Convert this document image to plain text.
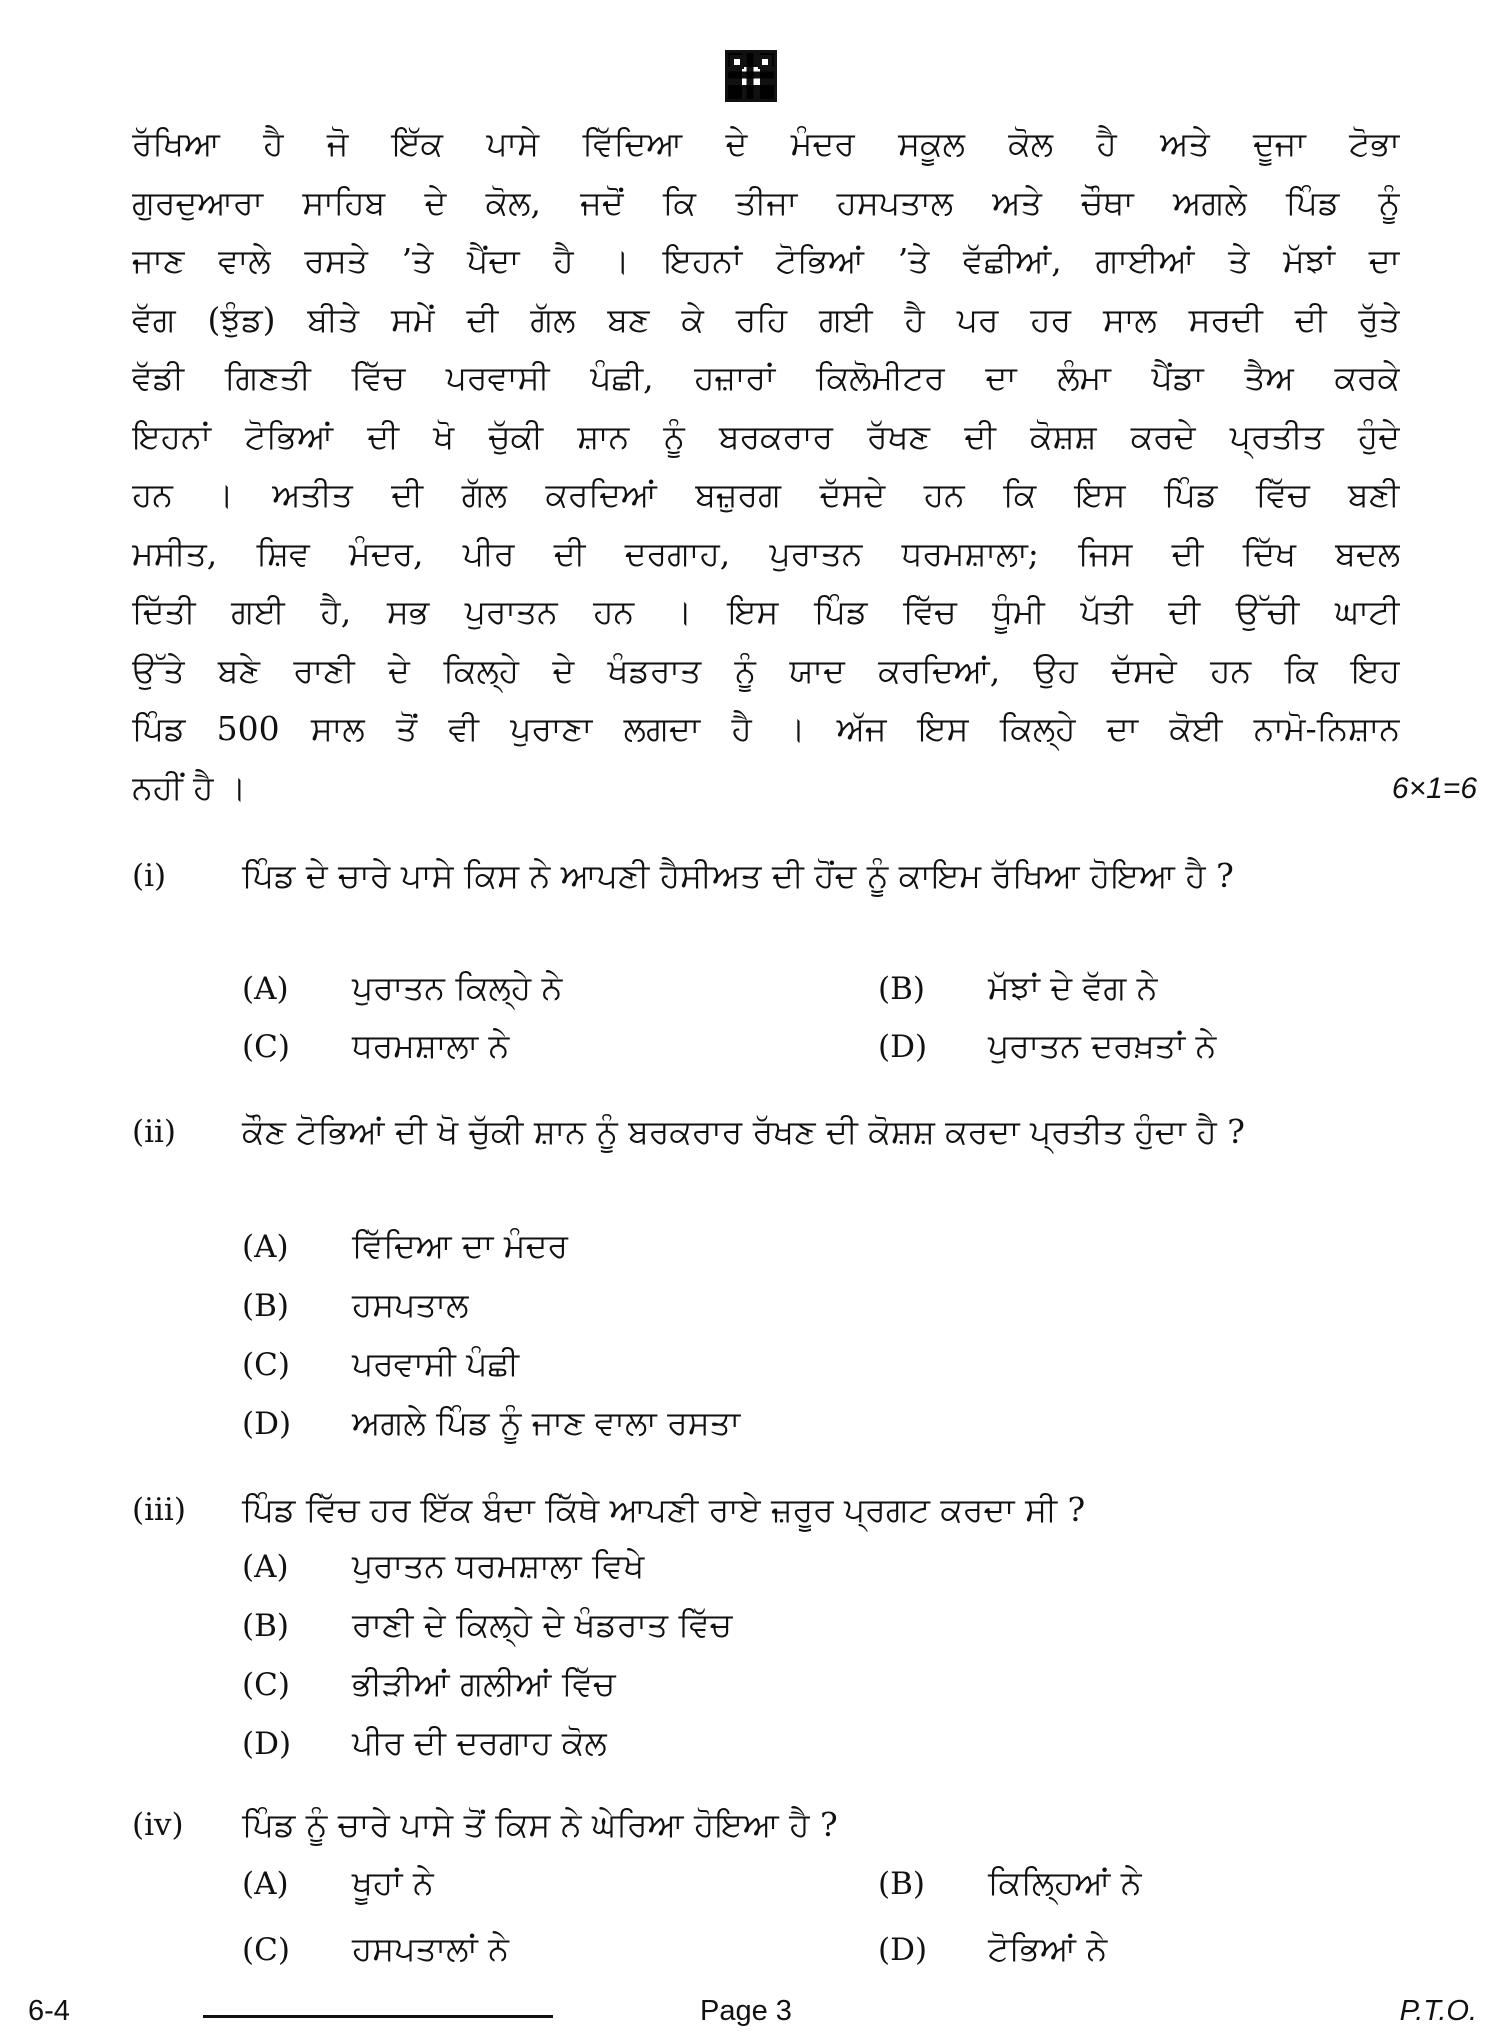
ਰੱਖਿਆ ਹੈ ਜੋ ਇੱਕ ਪਾਸੇ ਵਿੱਦਿਆ ਦੇ ਮੰਦਰ ਸਕੂਲ ਕੋਲ ਹੈ ਅਤੇ ਦੂਜਾ ਟੋਭਾ
ਗੁਰਦੁਆਰਾ ਸਾਹਿਬ ਦੇ ਕੋਲ, ਜਦੋਂ ਕਿ ਤੀਜਾ ਹਸਪਤਾਲ ਅਤੇ ਚੌਥਾ ਅਗਲੇ ਪਿੰਡ ਨੂੰ
ਜਾਣ ਵਾਲੇ ਰਸਤੇ ’ਤੇ ਪੈਂਦਾ ਹੈ । ਇਹਨਾਂ ਟੋਭਿਆਂ ’ਤੇ ਵੱਛੀਆਂ, ਗਾਈਆਂ ਤੇ ਮੱਝਾਂ ਦਾ
ਵੱਗ (ਝੁੰਡ) ਬੀਤੇ ਸਮੇਂ ਦੀ ਗੱਲ ਬਣ ਕੇ ਰਹਿ ਗਈ ਹੈ ਪਰ ਹਰ ਸਾਲ ਸਰਦੀ ਦੀ ਰੁੱਤੇ
ਵੱਡੀ ਗਿਣਤੀ ਵਿੱਚ ਪਰਵਾਸੀ ਪੰਛੀ, ਹਜ਼ਾਰਾਂ ਕਿਲੋਮੀਟਰ ਦਾ ਲੰਮਾ ਪੈਂਡਾ ਤੈਅ ਕਰਕੇ
ਇਹਨਾਂ ਟੋਭਿਆਂ ਦੀ ਖੋ ਚੁੱਕੀ ਸ਼ਾਨ ਨੂੰ ਬਰਕਰਾਰ ਰੱਖਣ ਦੀ ਕੋਸ਼ਸ਼ ਕਰਦੇ ਪ੍ਰਤੀਤ ਹੁੰਦੇ
ਹਨ । ਅਤੀਤ ਦੀ ਗੱਲ ਕਰਦਿਆਂ ਬਜ਼ੁਰਗ ਦੱਸਦੇ ਹਨ ਕਿ ਇਸ ਪਿੰਡ ਵਿੱਚ ਬਣੀ
ਮਸੀਤ, ਸ਼ਿਵ ਮੰਦਰ, ਪੀਰ ਦੀ ਦਰਗਾਹ, ਪੁਰਾਤਨ ਧਰਮਸ਼ਾਲਾ; ਜਿਸ ਦੀ ਦਿੱਖ ਬਦਲ
ਦਿੱਤੀ ਗਈ ਹੈ, ਸਭ ਪੁਰਾਤਨ ਹਨ । ਇਸ ਪਿੰਡ ਵਿੱਚ ਧੂੰਮੀ ਪੱਤੀ ਦੀ ਉੱਚੀ ਘਾਟੀ
ਉੱਤੇ ਬਣੇ ਰਾਣੀ ਦੇ ਕਿਲ੍ਹੇ ਦੇ ਖੰਡਰਾਤ ਨੂੰ ਯਾਦ ਕਰਦਿਆਂ, ਉਹ ਦੱਸਦੇ ਹਨ ਕਿ ਇਹ
ਪਿੰਡ 500 ਸਾਲ ਤੋਂ ਵੀ ਪੁਰਾਣਾ ਲਗਦਾ ਹੈ । ਅੱਜ ਇਸ ਕਿਲ੍ਹੇ ਦਾ ਕੋਈ ਨਾਮੋ-ਨਿਸ਼ਾਨ
ਨਹੀਂ ਹੈ ।	6×1=6
(i) ਪਿੰਡ ਦੇ ਚਾਰੇ ਪਾਸੇ ਕਿਸ ਨੇ ਆਪਣੀ ਹੈਸੀਅਤ ਦੀ ਹੋਂਦ ਨੂੰ ਕਾਇਮ ਰੱਖਿਆ ਹੋਇਆ ਹੈ ?
(A) ਪੁਰਾਤਨ ਕਿਲ੍ਹੇ ਨੇ	(B) ਮੱਝਾਂ ਦੇ ਵੱਗ ਨੇ
(C) ਧਰਮਸ਼ਾਲਾ ਨੇ	(D) ਪੁਰਾਤਨ ਦਰਖ਼ਤਾਂ ਨੇ
(ii) ਕੌਣ ਟੋਭਿਆਂ ਦੀ ਖੋ ਚੁੱਕੀ ਸ਼ਾਨ ਨੂੰ ਬਰਕਰਾਰ ਰੱਖਣ ਦੀ ਕੋਸ਼ਸ਼ ਕਰਦਾ ਪ੍ਰਤੀਤ ਹੁੰਦਾ ਹੈ ?
(A) ਵਿੱਦਿਆ ਦਾ ਮੰਦਰ
(B) ਹਸਪਤਾਲ
(C) ਪਰਵਾਸੀ ਪੰਛੀ
(D) ਅਗਲੇ ਪਿੰਡ ਨੂੰ ਜਾਣ ਵਾਲਾ ਰਸਤਾ
(iii) ਪਿੰਡ ਵਿੱਚ ਹਰ ਇੱਕ ਬੰਦਾ ਕਿੱਥੇ ਆਪਣੀ ਰਾਏ ਜ਼ਰੂਰ ਪ੍ਰਗਟ ਕਰਦਾ ਸੀ ?
(A) ਪੁਰਾਤਨ ਧਰਮਸ਼ਾਲਾ ਵਿਖੇ
(B) ਰਾਣੀ ਦੇ ਕਿਲ੍ਹੇ ਦੇ ਖੰਡਰਾਤ ਵਿੱਚ
(C) ਭੀੜੀਆਂ ਗਲੀਆਂ ਵਿੱਚ
(D) ਪੀਰ ਦੀ ਦਰਗਾਹ ਕੋਲ
(iv) ਪਿੰਡ ਨੂੰ ਚਾਰੇ ਪਾਸੇ ਤੋਂ ਕਿਸ ਨੇ ਘੇਰਿਆ ਹੋਇਆ ਹੈ ?
(A) ਖੂਹਾਂ ਨੇ	(B) ਕਿਲ੍ਹਿਆਂ ਨੇ
(C) ਹਸਪਤਾਲਾਂ ਨੇ	(D) ਟੋਭਿਆਂ ਨੇ
6-4	Page 3	P.T.O.
